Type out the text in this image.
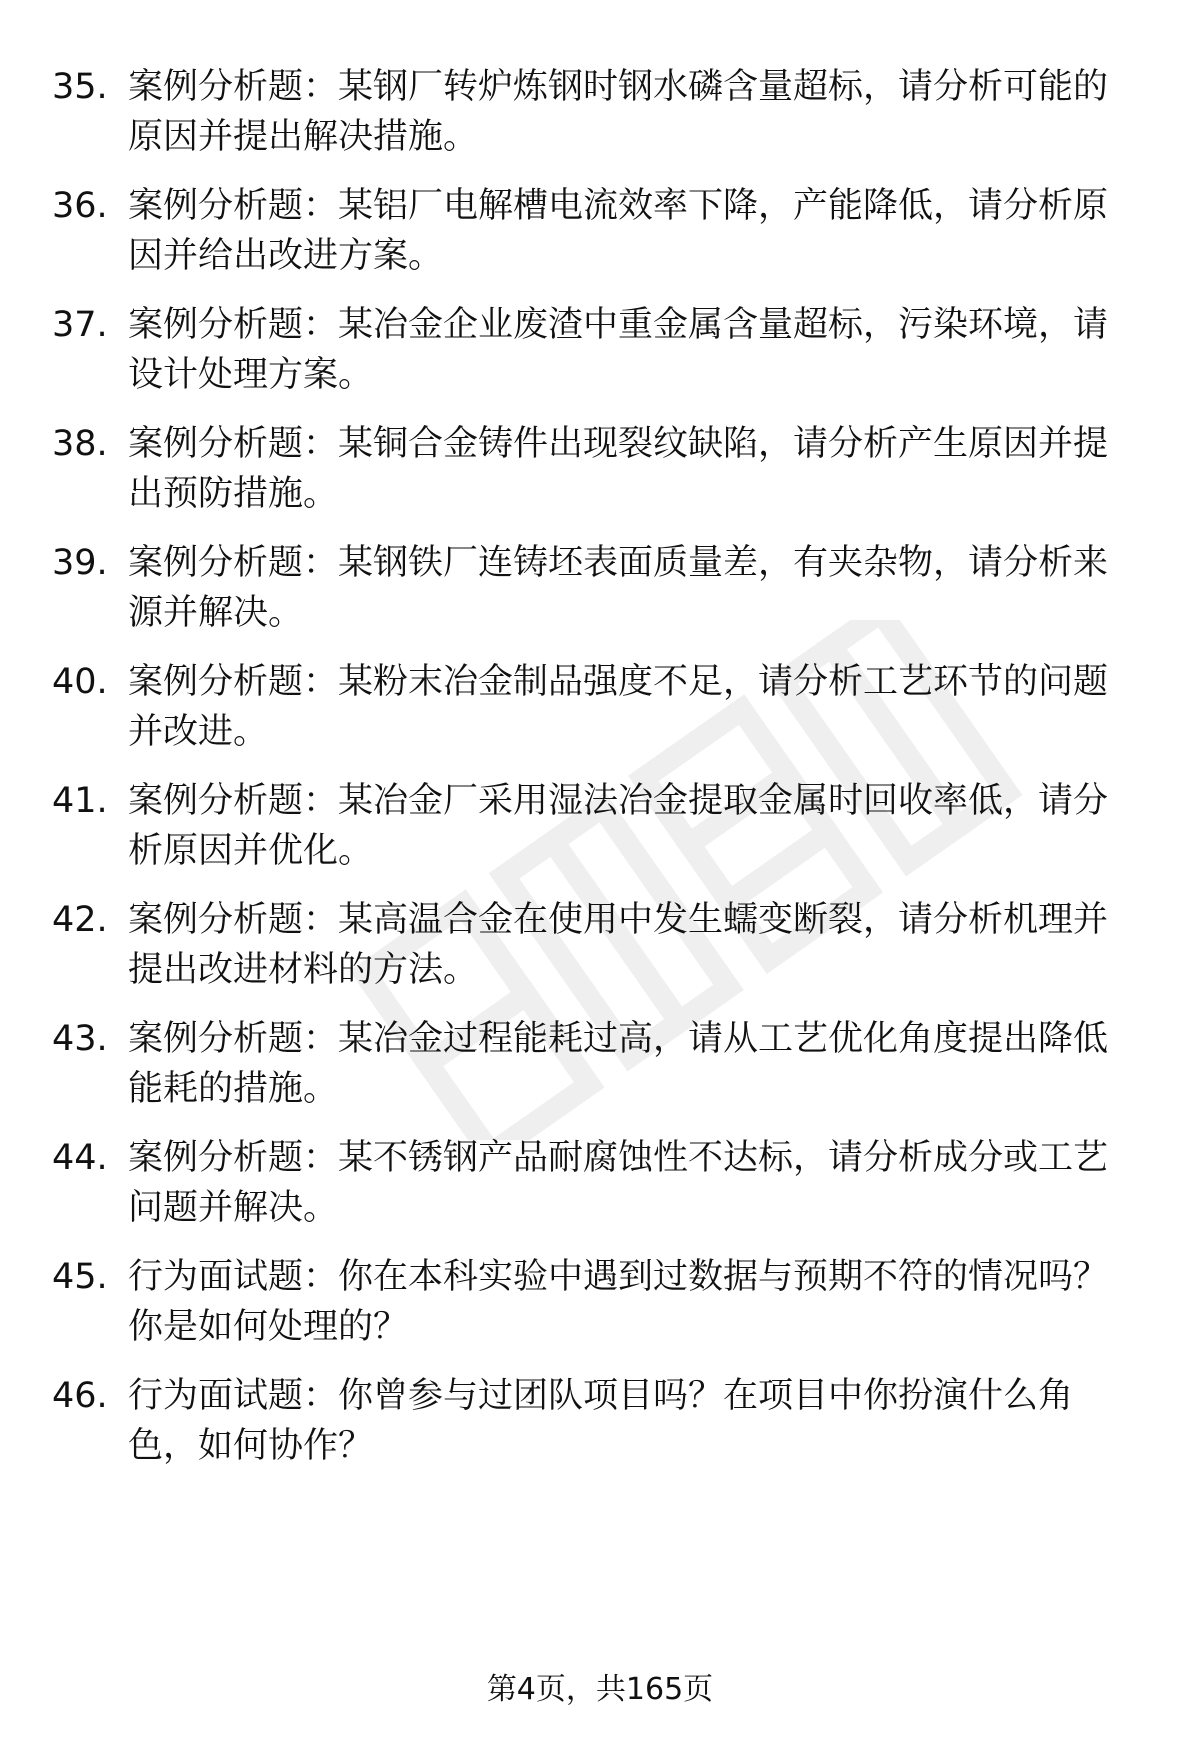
35. 案例分析题：某钢厂转炉炼钢时钢水磷含量超标，请分析可能的原因并提出解决措施。
36. 案例分析题：某铝厂电解槽电流效率下降，产能降低，请分析原因并给出改进方案。
37. 案例分析题：某冶金企业废渣中重金属含量超标，污染环境，请设计处理方案。
38. 案例分析题：某铜合金铸件出现裂纹缺陷，请分析产生原因并提出预防措施。
39. 案例分析题：某钢铁厂连铸坯表面质量差，有夹杂物，请分析来源并解决。
40. 案例分析题：某粉末冶金制品强度不足，请分析工艺环节的问题并改进。
41. 案例分析题：某冶金厂采用湿法冶金提取金属时回收率低，请分析原因并优化。
42. 案例分析题：某高温合金在使用中发生蠕变断裂，请分析机理并提出改进材料的方法。
43. 案例分析题：某冶金过程能耗过高，请从工艺优化角度提出降低能耗的措施。
44. 案例分析题：某不锈钢产品耐腐蚀性不达标，请分析成分或工艺问题并解决。
45. 行为面试题：你在本科实验中遇到过数据与预期不符的情况吗？你是如何处理的？
46. 行为面试题：你曾参与过团队项目吗？在项目中你扮演什么角色，如何协作？
第4页，共165页
